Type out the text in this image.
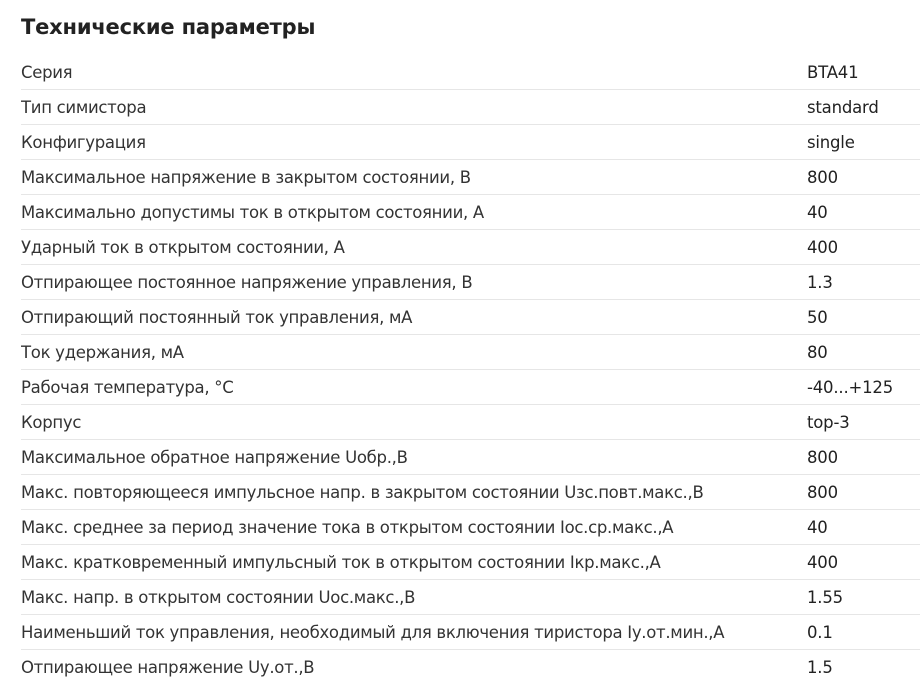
Технические параметры
Серия	BTA41
Тип симистора	standard
Конфигурация	single
Максимальное напряжение в закрытом состоянии, В	800
Максимально допустимы ток в открытом состоянии, А	40
Ударный ток в открытом состоянии, А	400
Отпирающее постоянное напряжение управления, В	1.3
Отпирающий постоянный ток управления, мА	50
Ток удержания, мА	80
Рабочая температура, °C	-40...+125
Корпус	top-3
Максимальное обратное напряжение Uобр.,В	800
Макс. повторяющееся импульсное напр. в закрытом состоянии Uзс.повт.макс.,В	800
Макс. среднее за период значение тока в открытом состоянии Iос.ср.макс.,А	40
Макс. кратковременный импульсный ток в открытом состоянии Iкр.макс.,А	400
Макс. напр. в открытом состоянии Uос.макс.,В	1.55
Наименьший ток управления, необходимый для включения тиристора Iу.от.мин.,А	0.1
Отпирающее напряжение Uу.от.,В	1.5
